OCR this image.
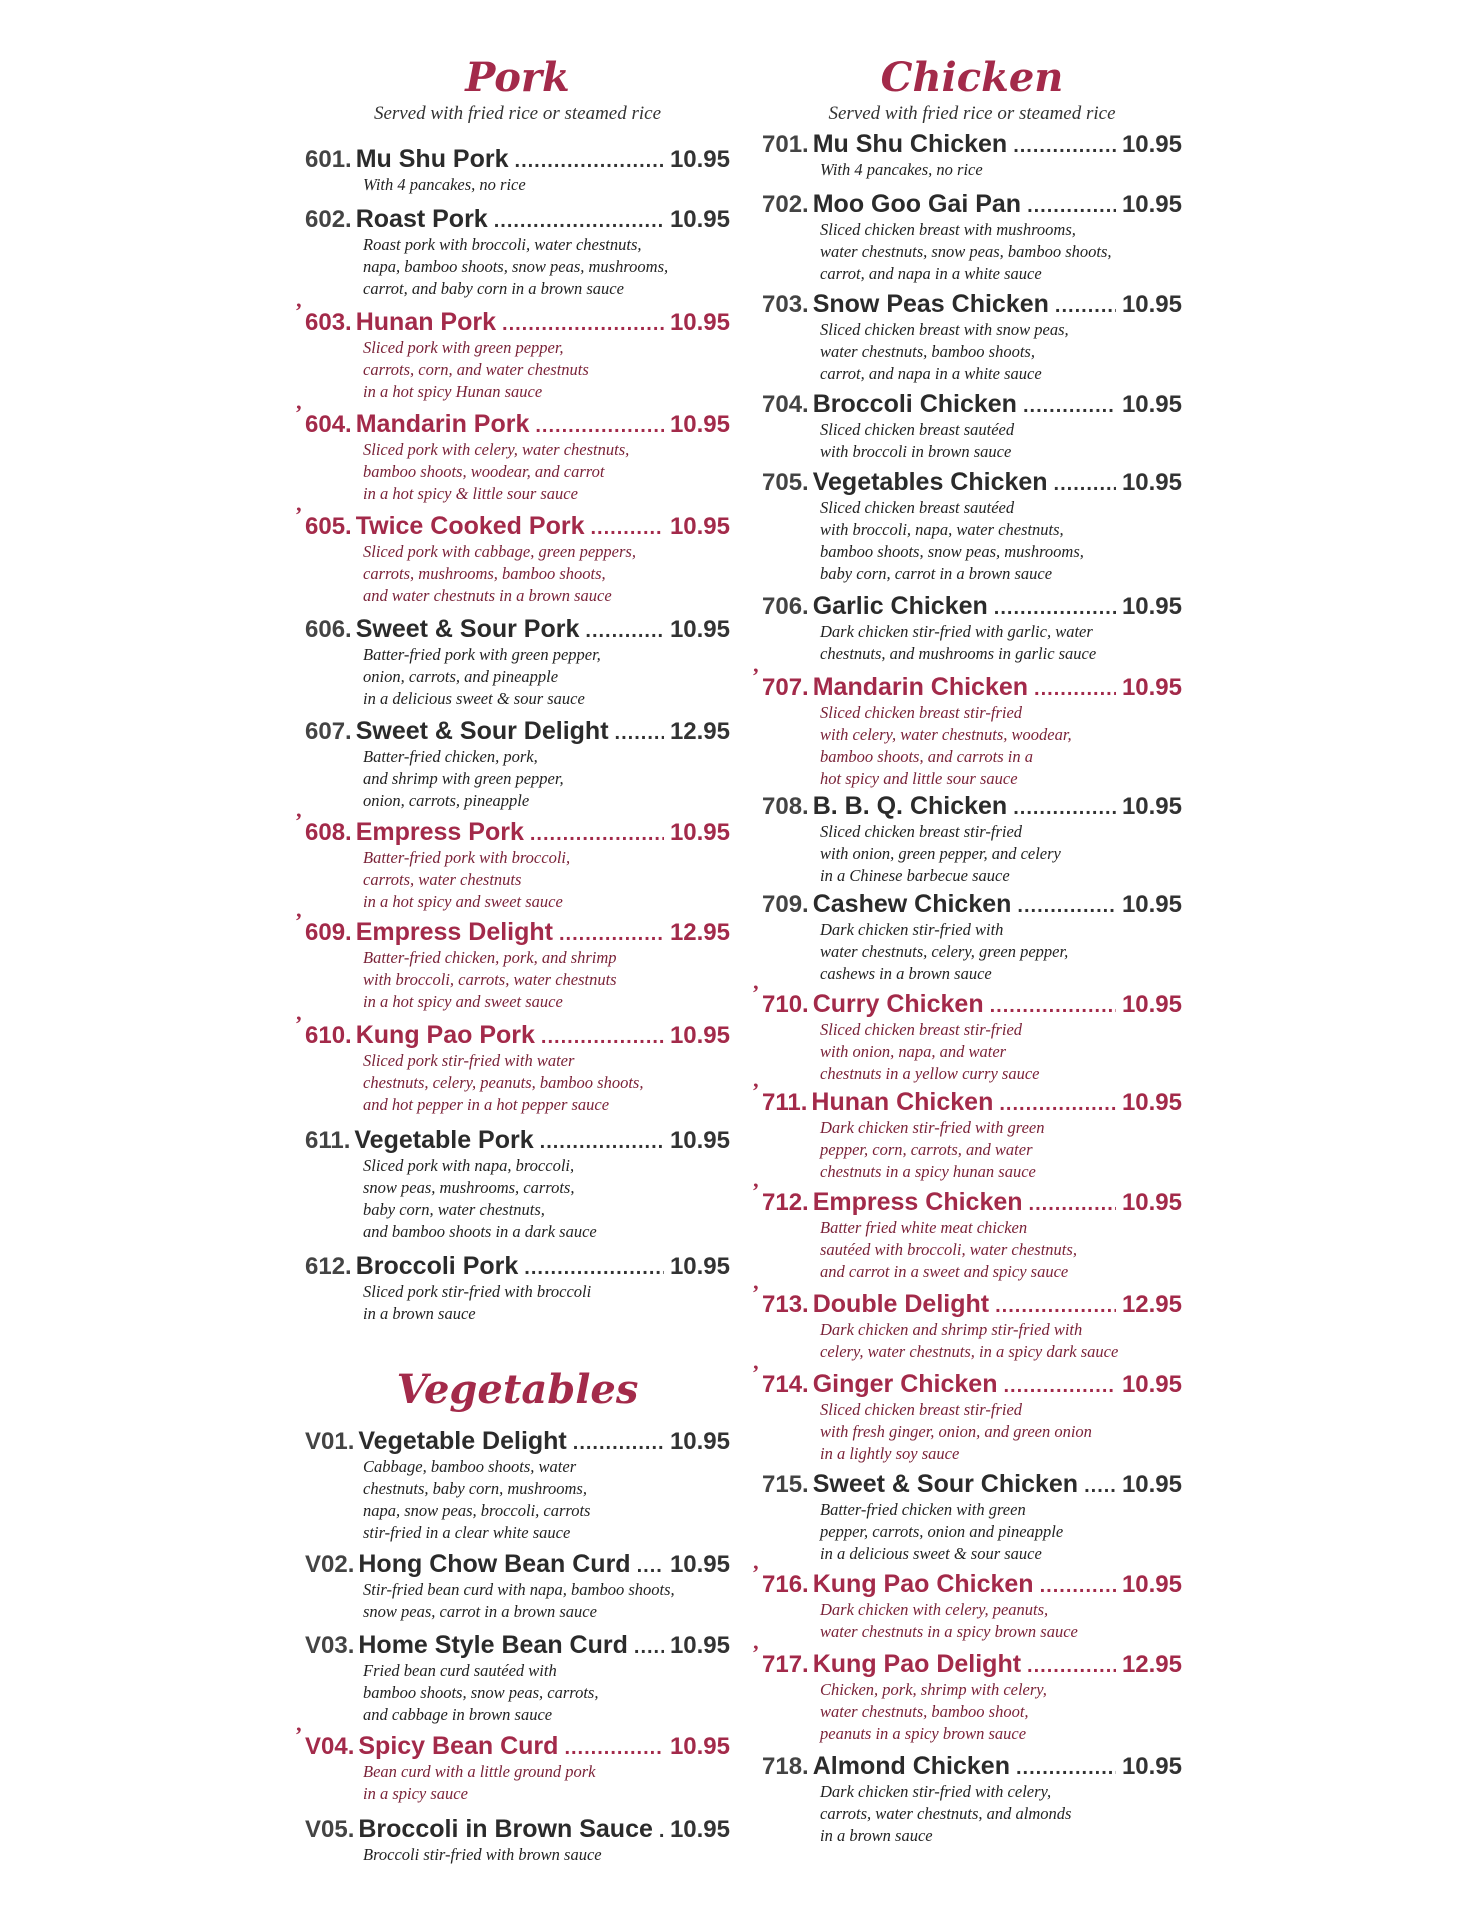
Pork
Served with fried rice or steamed rice
601. Mu Shu Pork .....	10.95
With 4 pancakes, no rice
602. Roast Pork .....	10.95
Roast pork with broccoli, water chestnuts,
napa, bamboo shoots, snow peas, mushrooms,
carrot, and baby corn in a brown sauce
’ 603. Hunan Pork .....	10.95
Sliced pork with green pepper,
carrots, corn, and water chestnuts
in a hot spicy Hunan sauce
’ 604. Mandarin Pork .....	10.95
Sliced pork with celery, water chestnuts,
bamboo shoots, woodear, and carrot
in a hot spicy & little sour sauce
’ 605. Twice Cooked Pork .....	10.95
Sliced pork with cabbage, green peppers,
carrots, mushrooms, bamboo shoots,
and water chestnuts in a brown sauce
606. Sweet & Sour Pork .....	10.95
Batter-fried pork with green pepper,
onion, carrots, and pineapple
in a delicious sweet & sour sauce
607. Sweet & Sour Delight .....	12.95
Batter-fried chicken, pork,
and shrimp with green pepper,
onion, carrots, pineapple
’ 608. Empress Pork .....	10.95
Batter-fried pork with broccoli,
carrots, water chestnuts
in a hot spicy and sweet sauce
’ 609. Empress Delight .....	12.95
Batter-fried chicken, pork, and shrimp
with broccoli, carrots, water chestnuts
in a hot spicy and sweet sauce
’ 610. Kung Pao Pork .....	10.95
Sliced pork stir-fried with water
chestnuts, celery, peanuts, bamboo shoots,
and hot pepper in a hot pepper sauce
611. Vegetable Pork .....	10.95
Sliced pork with napa, broccoli,
snow peas, mushrooms, carrots,
baby corn, water chestnuts,
and bamboo shoots in a dark sauce
612. Broccoli Pork .....	10.95
Sliced pork stir-fried with broccoli
in a brown sauce
Vegetables
V01. Vegetable Delight .....	10.95
Cabbage, bamboo shoots, water
chestnuts, baby corn, mushrooms,
napa, snow peas, broccoli, carrots
stir-fried in a clear white sauce
V02. Hong Chow Bean Curd ..... 10.95
Stir-fried bean curd with napa, bamboo shoots,
snow peas, carrot in a brown sauce
V03. Home Style Bean Curd ..... 10.95
Fried bean curd sautéed with
bamboo shoots, snow peas, carrots,
and cabbage in brown sauce
’ V04. Spicy Bean Curd .....	10.95
Bean curd with a little ground pork
in a spicy sauce
V05. Broccoli in Brown Sauce ..... 10.95
Broccoli stir-fried with brown sauce
Chicken
Served with fried rice or steamed rice
701. Mu Shu Chicken .....	10.95
With 4 pancakes, no rice
702. Moo Goo Gai Pan .....	10.95
Sliced chicken breast with mushrooms,
water chestnuts, snow peas, bamboo shoots,
carrot, and napa in a white sauce
703. Snow Peas Chicken .....	10.95
Sliced chicken breast with snow peas,
water chestnuts, bamboo shoots,
carrot, and napa in a white sauce
704. Broccoli Chicken .....	10.95
Sliced chicken breast sautéed
with broccoli in brown sauce
705. Vegetables Chicken .....	10.95
Sliced chicken breast sautéed
with broccoli, napa, water chestnuts,
bamboo shoots, snow peas, mushrooms,
baby corn, carrot in a brown sauce
706. Garlic Chicken .....	10.95
Dark chicken stir-fried with garlic, water
chestnuts, and mushrooms in garlic sauce
’ 707. Mandarin Chicken .....	10.95
Sliced chicken breast stir-fried
with celery, water chestnuts, woodear,
bamboo shoots, and carrots in a
hot spicy and little sour sauce
708. B. B. Q. Chicken .....	10.95
Sliced chicken breast stir-fried
with onion, green pepper, and celery
in a Chinese barbecue sauce
709. Cashew Chicken .....	10.95
Dark chicken stir-fried with
water chestnuts, celery, green pepper,
cashews in a brown sauce
’ 710. Curry Chicken .....	10.95
Sliced chicken breast stir-fried
with onion, napa, and water
chestnuts in a yellow curry sauce
’ 711. Hunan Chicken .....	10.95
Dark chicken stir-fried with green
pepper, corn, carrots, and water
chestnuts in a spicy hunan sauce
’ 712. Empress Chicken .....	10.95
Batter fried white meat chicken
sautéed with broccoli, water chestnuts,
and carrot in a sweet and spicy sauce
’ 713. Double Delight .....	12.95
Dark chicken and shrimp stir-fried with
celery, water chestnuts, in a spicy dark sauce
’ 714. Ginger Chicken .....	10.95
Sliced chicken breast stir-fried
with fresh ginger, onion, and green onion
in a lightly soy sauce
715. Sweet & Sour Chicken ..... 10.95
Batter-fried chicken with green
pepper, carrots, onion and pineapple
in a delicious sweet & sour sauce
’ 716. Kung Pao Chicken .....	10.95
Dark chicken with celery, peanuts,
water chestnuts in a spicy brown sauce
’ 717. Kung Pao Delight .....	12.95
Chicken, pork, shrimp with celery,
water chestnuts, bamboo shoot,
peanuts in a spicy brown sauce
718. Almond Chicken .....	10.95
Dark chicken stir-fried with celery,
carrots, water chestnuts, and almonds
in a brown sauce
